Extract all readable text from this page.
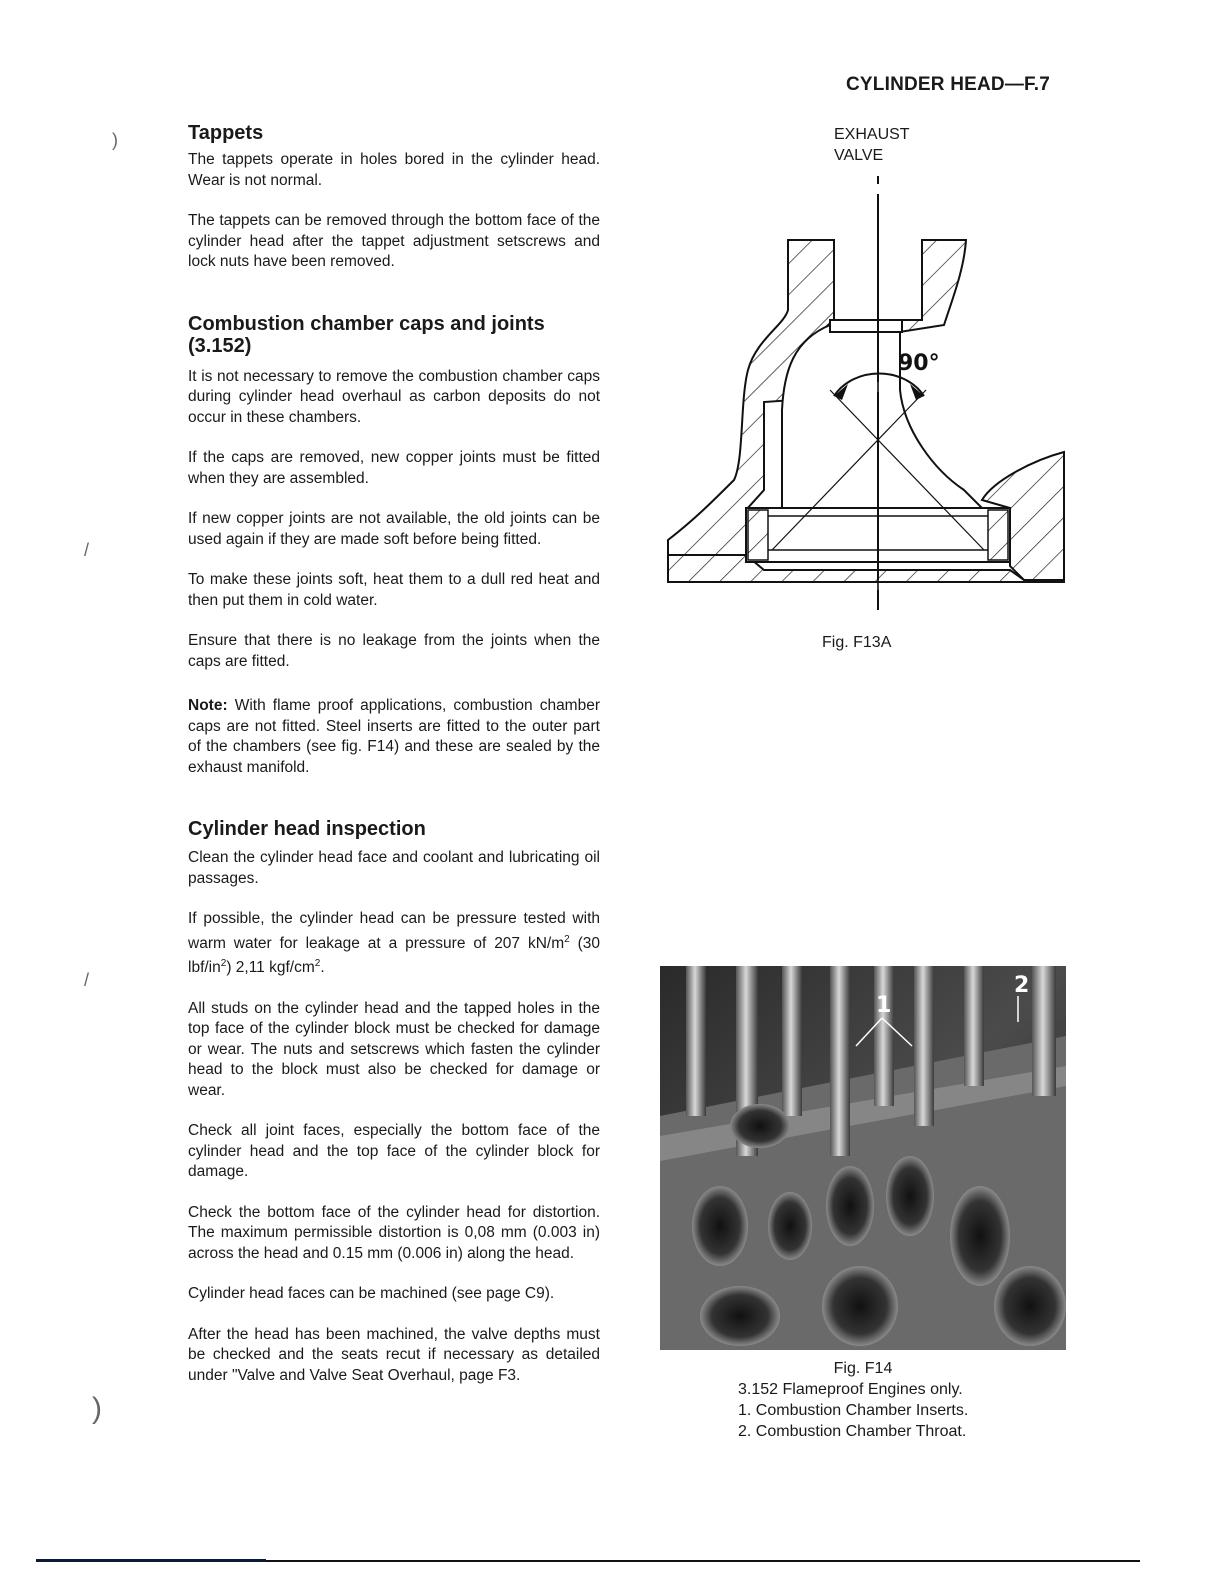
CYLINDER HEAD—F.7
Tappets

The tappets operate in holes bored in the cylinder head. Wear is not normal.

The tappets can be removed through the bottom face of the cylinder head after the tappet adjustment setscrews and lock nuts have been removed.

Combustion chamber caps and joints (3.152)

It is not necessary to remove the combustion chamber caps during cylinder head overhaul as carbon deposits do not occur in these chambers.

If the caps are removed, new copper joints must be fitted when they are assembled.

If new copper joints are not available, the old joints can be used again if they are made soft before being fitted.

To make these joints soft, heat them to a dull red heat and then put them in cold water.

Ensure that there is no leakage from the joints when the caps are fitted.

Note: With flame proof applications, combustion chamber caps are not fitted. Steel inserts are fitted to the outer part of the chambers (see fig. F14) and these are sealed by the exhaust manifold.

Cylinder head inspection

Clean the cylinder head face and coolant and lubricating oil passages.

If possible, the cylinder head can be pressure tested with warm water for leakage at a pressure of 207 $kN/m^2$ (30 lbf/$in^2$) 2,11 kgf/$cm^2$.

All studs on the cylinder head and the tapped holes in the top face of the cylinder block must be checked for damage or wear. The nuts and setscrews which fasten the cylinder head to the block must also be checked for damage or wear.

Check all joint faces, especially the bottom face of the cylinder head and the top face of the cylinder block for damage.

Check the bottom face of the cylinder head for distortion. The maximum permissible distortion is 0,08 mm (0.003 in) across the head and 0.15 mm (0.006 in) along the head.

Cylinder head faces can be machined (see page C9).

After the head has been machined, the valve depths must be checked and the seats recut if necessary as detailed under "Valve and Valve Seat Overhaul, page F3.

EXHAUST
VALVE
90°
Fig. F13A
1
2
Fig. F14
3.152 Flameproof Engines only.
1. Combustion Chamber Inserts.
2. Combustion Chamber Throat.
)
/
/
)
